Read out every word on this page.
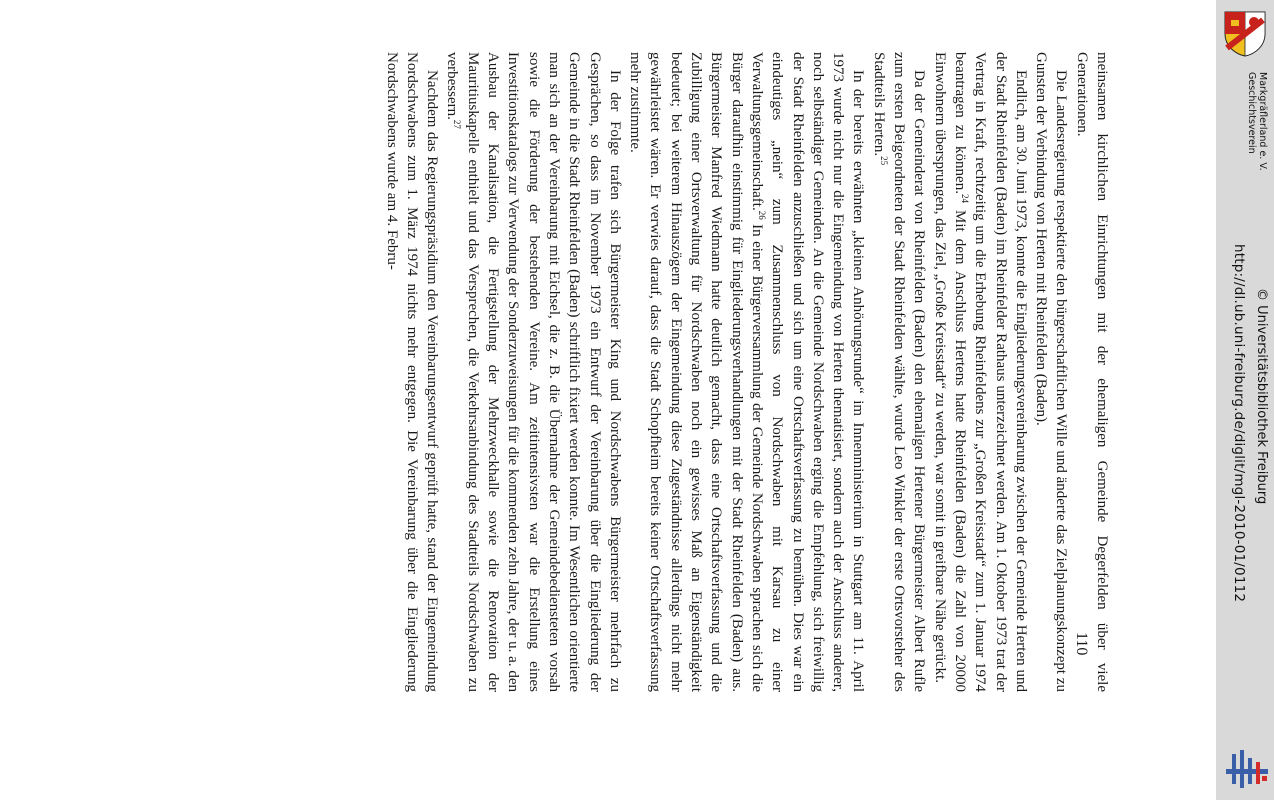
meinsamen kirchlichen Einrichtungen mit der ehemaligen Gemeinde Degerfelden über viele Generationen.

Die Landesregierung respektierte den bürgerschaftlichen Wille und änderte das Zielplanungskonzept zu Gunsten der Verbindung von Herten mit Rheinfelden (Baden).

Endlich, am 30. Juni 1973, konnte die Eingliederungsvereinbarung zwischen der Gemeinde Herten und der Stadt Rheinfelden (Baden) im Rheinfelder Rathaus unterzeichnet werden. Am 1. Oktober 1973 trat der Vertrag in Kraft, rechtzeitig um die Erhebung Rheinfeldens zur „Großen Kreisstadt“ zum 1. Januar 1974 beantragen zu können.$^{24}$ Mit dem Anschluss Hertens hatte Rheinfelden (Baden) die Zahl von 20000 Einwohnern übersprungen, das Ziel, „Große Kreisstadt“ zu werden, war somit in greifbare Nähe gerückt.

Da der Gemeinderat von Rheinfelden (Baden) den ehemaligen Hertener Bürgermeister Albert Rufle zum ersten Beigeordneten der Stadt Rheinfelden wählte, wurde Leo Winkler der erste Ortsvorsteher des Stadtteils Herten.$^{25}$

In der bereits erwähnten „kleinen Anhörungsrunde“ im Innenministerium in Stuttgart am 11. April 1973 wurde nicht nur die Eingemeindung von Herten thematisiert, sondern auch der Anschluss anderer, noch selbständiger Gemeinden. An die Gemeinde Nordschwaben erging die Empfehlung, sich freiwillig der Stadt Rheinfelden anzuschließen und sich um eine Ortschaftsverfassung zu bemühen. Dies war ein eindeutiges „nein“ zum Zusammenschluss von Nordschwaben mit Karsau zu einer Verwaltungsgemeinschaft.$^{26}$ In einer Bürgerversammlung der Gemeinde Nordschwaben sprachen sich die Bürger daraufhin einstimmig für Eingliederungsverhandlungen mit der Stadt Rheinfelden (Baden) aus. Bürgermeister Manfred Wiedmann hatte deutlich gemacht, dass eine Ortschaftsverfassung und die Zubilligung einer Ortsverwaltung für Nordschwaben noch ein gewisses Maß an Eigenständigkeit bedeutet; bei weiterem Hinauszögern der Eingemeindung diese Zugeständnisse allerdings nicht mehr gewährleistet wären. Er verwies darauf, dass die Stadt Schopfheim bereits keiner Ortschaftsverfassung mehr zustimmte.

In der Folge trafen sich Bürgermeister King und Nordschwabens Bürgermeister mehrfach zu Gesprächen, so dass im November 1973 ein Entwurf der Vereinbarung über die Eingliederung der Gemeinde in die Stadt Rheinfelden (Baden) schriftlich fixiert werden konnte. Im Wesentlichen orientierte man sich an der Vereinbarung mit Eichsel, die z. B. die Übernahme der Gemeindebediensteten vorsah sowie die Förderung der bestehenden Vereine. Am zeitintensivsten war die Erstellung eines Investitionskatalogs zur Verwendung der Sonderzuweisungen für die kommenden zehn Jahre, der u. a. den Ausbau der Kanalisation, die Fertigstellung der Mehrzweckhalle sowie die Renovation der Mauritiuskapelle enthielt und das Versprechen, die Verkehrsanbindung des Stadtteils Nordschwaben zu verbessern.$^{27}$

Nachdem das Regierungspräsidium den Vereinbarungsentwurf geprüft hatte, stand der Eingemeindung Nordschwabens zum 1. März 1974 nichts mehr entgegen. Die Vereinbarung über die Eingliederung Nordschwabens wurde am 4. Febru-

110
Geschichtsverein Markgräflerland e. V.
http://dl.ub.uni-freiburg.de/diglit/mgl-2010-01/0112 © Universitätsbibliothek Freiburg
